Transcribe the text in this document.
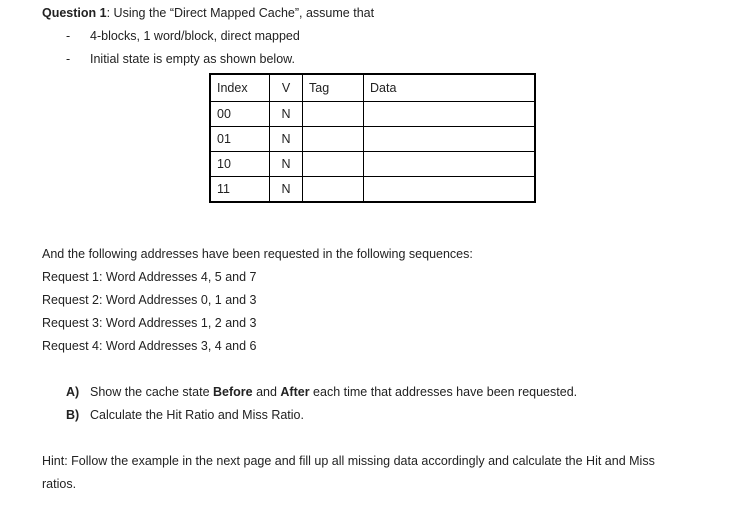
Question 1: Using the “Direct Mapped Cache”, assume that
- 4-blocks, 1 word/block, direct mapped
- Initial state is empty as shown below.
Index	V	Tag	Data
00	N		
01	N		
10	N		
11	N		
And the following addresses have been requested in the following sequences:
Request 1: Word Addresses 4, 5 and 7
Request 2: Word Addresses 0, 1 and 3
Request 3: Word Addresses 1, 2 and 3
Request 4: Word Addresses 3, 4 and 6
A) Show the cache state Before and After each time that addresses have been requested.
B) Calculate the Hit Ratio and Miss Ratio.
Hint: Follow the example in the next page and fill up all missing data accordingly and calculate the Hit and Miss
ratios.
